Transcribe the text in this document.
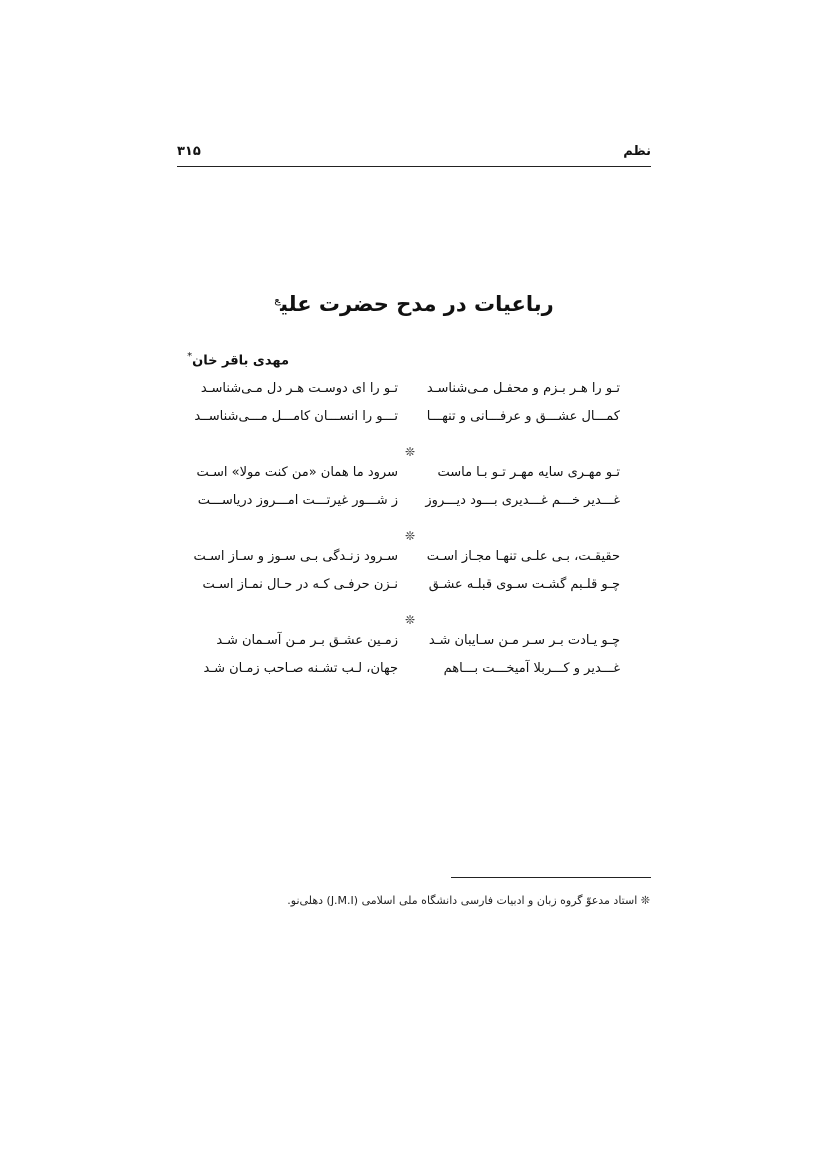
۳۱۵	نظم
رباعیات در مدح حضرت علی$^ع$
مهدی باقر خان*
تـو را هـر بـزم و محفـل مـی‌شناسـد
تـو را ای دوسـت هـر دل مـی‌شناسـد
کمـــال عشـــق و عرفـــانی و تنهـــا
تـــو را انســـان کامـــل مـــی‌شناســد
❊
تـو مهـری سایه مهـر تـو بـا ماست
سرود ما همان «من کنت مولا» اسـت
غـــدیر خـــم غـــدیری بـــود دیـــروز
ز شـــور غیرتـــت امـــروز دریاســـت
❊
حقیقـت، بـی علـی تنهـا مجـاز اسـت
سـرود زنـدگی بـی سـوز و سـاز اسـت
چـو قلـبم گشـت سـوی قبلـه عشـق
نـزن حرفـی کـه در حـال نمـاز اسـت
❊
چـو یـادت بـر سـر مـن سـایبان شـد
زمـین عشـق بـر مـن آسـمان شـد
غـــدیر و کـــربلا آمیخـــت بـــاهم
جهان، لـب تشـنه صـاحب زمـان شـد
❊ استاد مدعوّ گروه زبان و ادبیات فارسی دانشگاه ملی اسلامی (J.M.I) دهلی‌نو.
